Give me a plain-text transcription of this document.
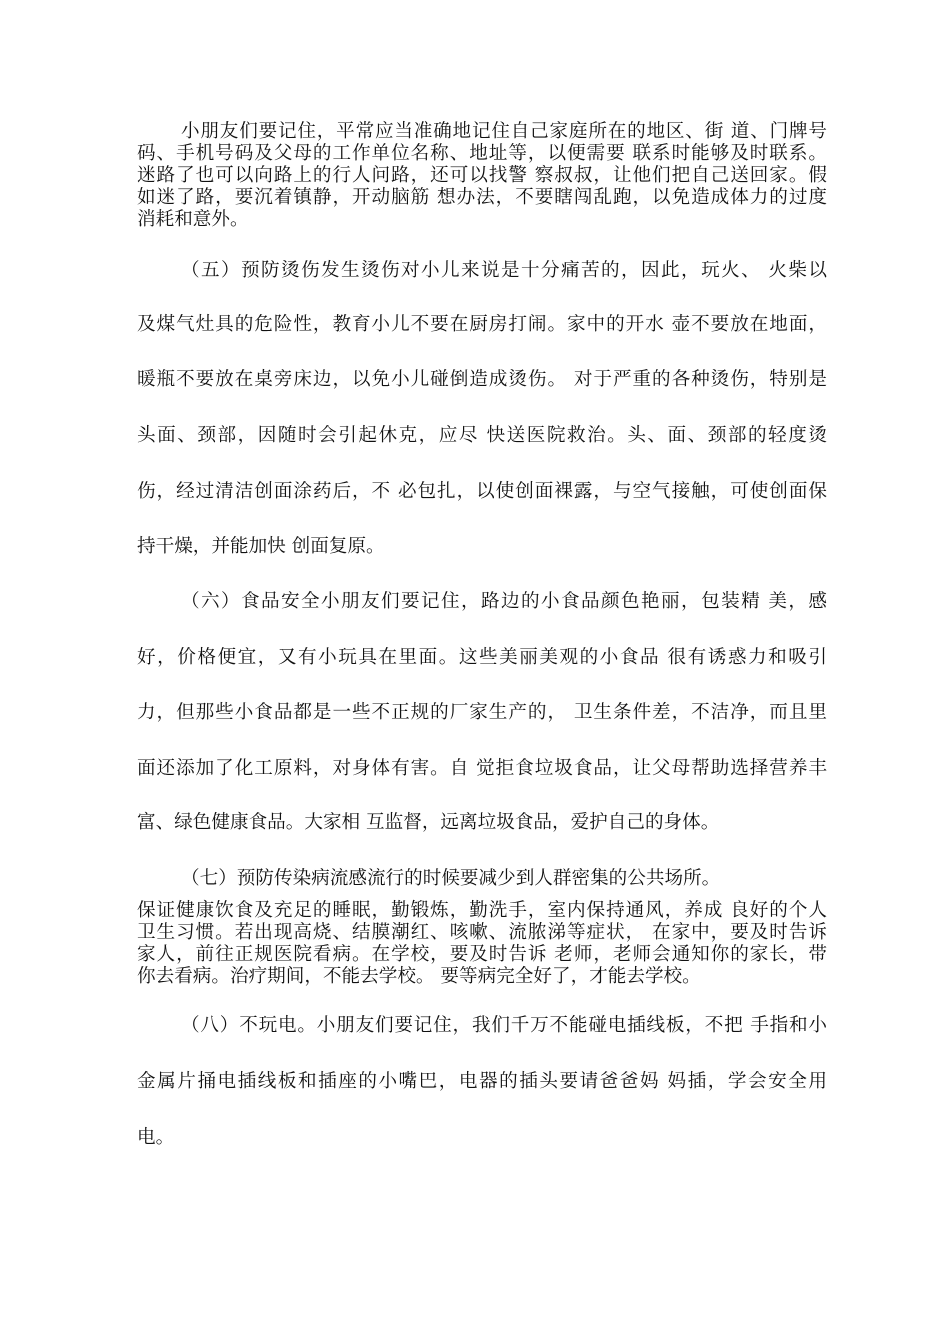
小朋友们要记住，平常应当准确地记住自己家庭所在的地区、街 道、门牌号
码、手机号码及父母的工作单位名称、地址等，以便需要 联系时能够及时联系。
迷路了也可以向路上的行人问路，还可以找警 察叔叔，让他们把自己送回家。假
如迷了路，要沉着镇静，开动脑筋 想办法，不要瞎闯乱跑，以免造成体力的过度
消耗和意外。
（五）预防烫伤发生烫伤对小儿来说是十分痛苦的，因此，玩火、 火柴以
及煤气灶具的危险性，教育小儿不要在厨房打闹。家中的开水 壶不要放在地面，
暖瓶不要放在桌旁床边，以免小儿碰倒造成烫伤。 对于严重的各种烫伤，特别是
头面、颈部，因随时会引起休克，应尽 快送医院救治。头、面、颈部的轻度烫
伤，经过清洁创面涂药后，不 必包扎，以使创面裸露，与空气接触，可使创面保
持干燥，并能加快 创面复原。
（六）食品安全小朋友们要记住，路边的小食品颜色艳丽，包装精 美，感
好，价格便宜，又有小玩具在里面。这些美丽美观的小食品 很有诱惑力和吸引
力，但那些小食品都是一些不正规的厂家生产的， 卫生条件差，不洁净，而且里
面还添加了化工原料，对身体有害。自 觉拒食垃圾食品，让父母帮助选择营养丰
富、绿色健康食品。大家相 互监督，远离垃圾食品，爱护自己的身体。
（七）预防传染病流感流行的时候要减少到人群密集的公共场所。
保证健康饮食及充足的睡眠，勤锻炼，勤洗手，室内保持通风，养成 良好的个人
卫生习惯。若出现高烧、结膜潮红、咳嗽、流脓涕等症状， 在家中，要及时告诉
家人，前往正规医院看病。在学校，要及时告诉 老师，老师会通知你的家长，带
你去看病。治疗期间，不能去学校。 要等病完全好了，才能去学校。
（八）不玩电。小朋友们要记住，我们千万不能碰电插线板，不把 手指和小
金属片捅电插线板和插座的小嘴巴，电器的插头要请爸爸妈 妈插，学会安全用
电。
